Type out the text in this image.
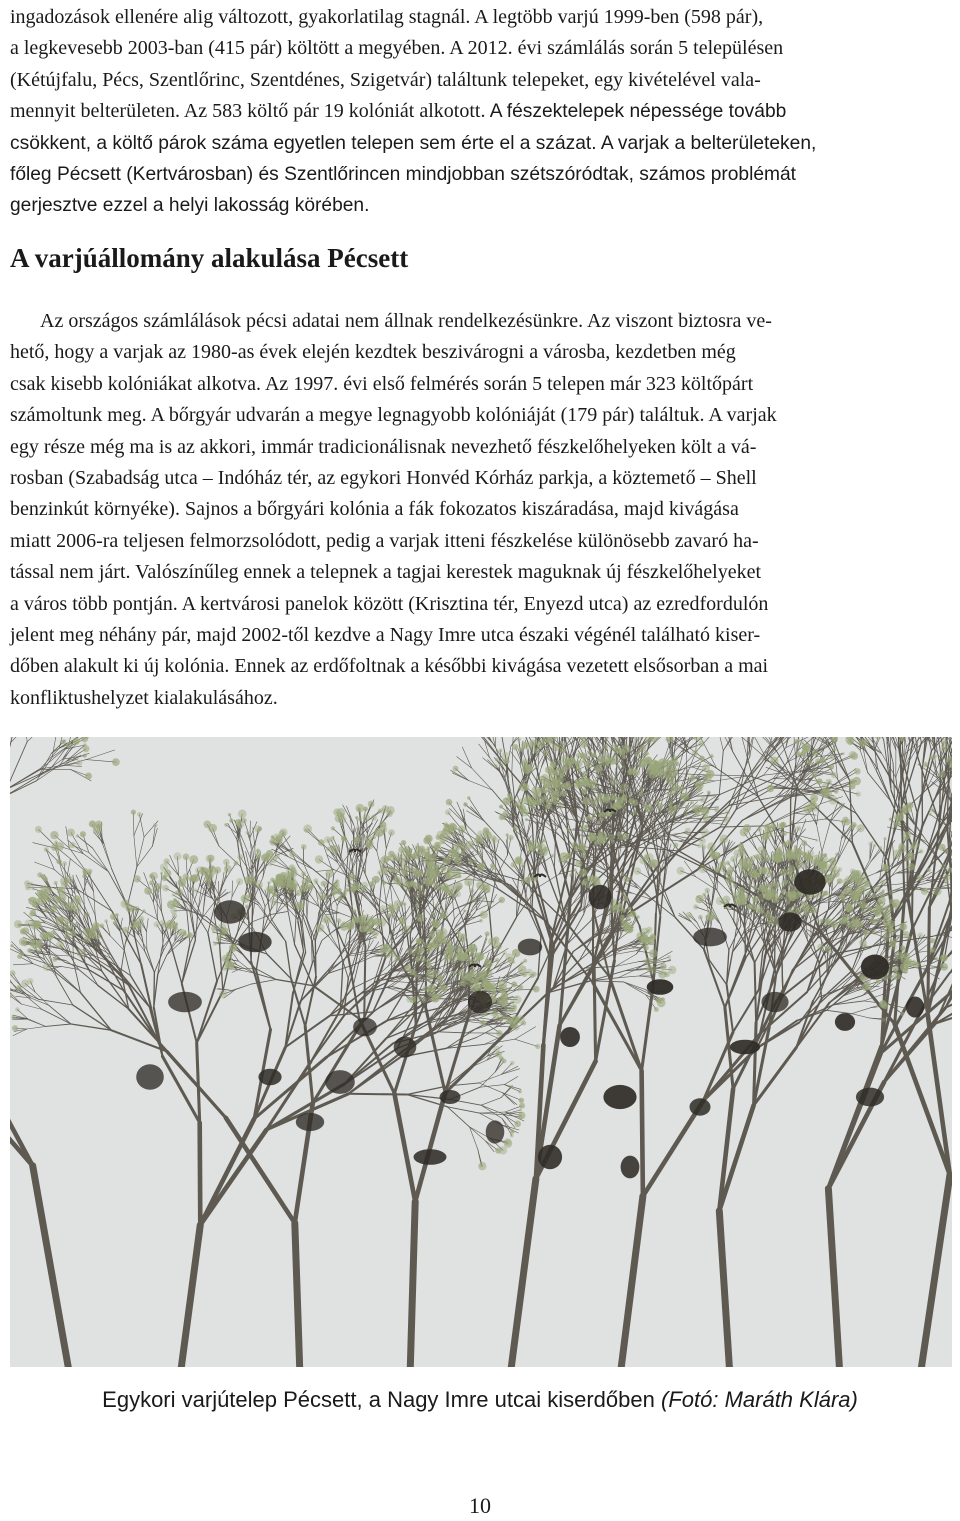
ingadozások ellenére alig változott, gyakorlatilag stagnál. A legtöbb varjú 1999-ben (598 pár),
a legkevesebb 2003-ban (415 pár) költött a megyében. A 2012. évi számlálás során 5 településen
(Kétújfalu, Pécs, Szentlőrinc, Szentdénes, Szigetvár) találtunk telepeket, egy kivételével vala-
mennyit belterületen. Az 583 költő pár 19 kolóniát alkotott. A fészektelepek népessége tovább
csökkent, a költő párok száma egyetlen telepen sem érte el a százat. A varjak a belterületeken,
főleg Pécsett (Kertvárosban) és Szentlőrincen mindjobban szétszóródtak, számos problémát
gerjesztve ezzel a helyi lakosság körében.
A varjúállomány alakulása Pécsett
Az országos számlálások pécsi adatai nem állnak rendelkezésünkre. Az viszont biztosra ve-
hető, hogy a varjak az 1980-as évek elején kezdtek beszivárogni a városba, kezdetben még
csak kisebb kolóniákat alkotva. Az 1997. évi első felmérés során 5 telepen már 323 költőpárt
számoltunk meg. A bőrgyár udvarán a megye legnagyobb kolóniáját (179 pár) találtuk. A varjak
egy része még ma is az akkori, immár tradicionálisnak nevezhető fészkelőhelyeken költ a vá-
rosban (Szabadság utca – Indóház tér, az egykori Honvéd Kórház parkja, a köztemető – Shell
benzinkút környéke). Sajnos a bőrgyári kolónia a fák fokozatos kiszáradása, majd kivágása
miatt 2006-ra teljesen felmorzsolódott, pedig a varjak itteni fészkelése különösebb zavaró ha-
tással nem járt. Valószínűleg ennek a telepnek a tagjai kerestek maguknak új fészkelőhelyeket
a város több pontján. A kertvárosi panelok között (Krisztina tér, Enyezd utca) az ezredfordulón
jelent meg néhány pár, majd 2002-től kezdve a Nagy Imre utca északi végénél található kiser-
dőben alakult ki új kolónia. Ennek az erdőfoltnak a későbbi kivágása vezetett elsősorban a mai
konfliktushelyzet kialakulásához.
Egykori varjútelep Pécsett, a Nagy Imre utcai kiserdőben (Fotó: Maráth Klára)
10
